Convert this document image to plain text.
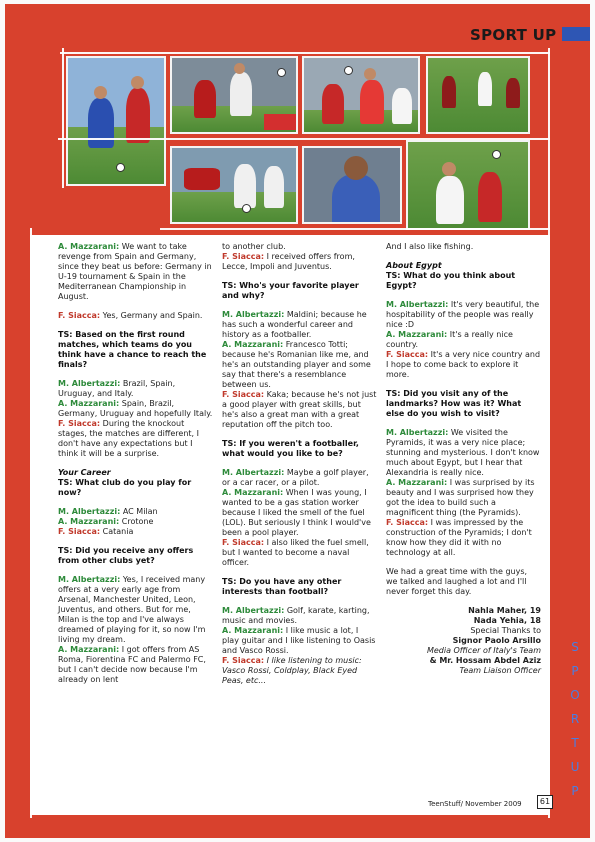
SPORT UP

A. Mazzarani: We want to take revenge from Spain and Germany, since they beat us before: Germany in U-19 tournament & Spain in the Mediterranean Championship in August.

F. Siacca: Yes, Germany and Spain.

TS: Based on the first round matches, which teams do you think have a chance to reach the finals?

M. Albertazzi: Brazil, Spain, Uruguay, and Italy.
A. Mazzarani: Spain, Brazil, Germany, Uruguay and hopefully Italy.
F. Siacca: During the knockout stages, the matches are different, I don't have any expectations but I think it will be a surprise.

Your Career
TS: What club do you play for now?

M. Albertazzi: AC Milan
A. Mazzarani: Crotone
F. Siacca: Catania

TS: Did you receive any offers from other clubs yet?

M. Albertazzi: Yes, I received many offers at a very early age from Arsenal, Manchester United, Leon, Juventus, and others. But for me, Milan is the top and I've always dreamed of playing for it, so now I'm living my dream.
A. Mazzarani: I got offers from AS Roma, Fiorentina FC and Palermo FC, but I can't decide now because I'm already on lent

to another club.
F. Siacca: I received offers from, Lecce, Impoli and Juventus.

TS: Who's your favorite player and why?

M. Albertazzi: Maldini; because he has such a wonderful career and history as a footballer.
A. Mazzarani: Francesco Totti; because he's Romanian like me, and he's an outstanding player and some say that there's a resemblance between us.
F. Siacca: Kaka; because he's not just a good player with great skills, but he's also a great man with a great reputation off the pitch too.

TS: If you weren't a footballer, what would you like to be?

M. Albertazzi: Maybe a golf player, or a car racer, or a pilot.
A. Mazzarani: When I was young, I wanted to be a gas station worker because I liked the smell of the fuel (LOL). But seriously I think I would've been a pool player.
F. Siacca: I also liked the fuel smell, but I wanted to become a naval officer.

TS: Do you have any other interests than football?

M. Albertazzi: Golf, karate, karting, music and movies.
A. Mazzarani: I like music a lot, I play guitar and I like listening to Oasis and Vasco Rossi.
F. Siacca: I like listening to music: Vasco Rossi, Coldplay, Black Eyed Peas, etc...

And I also like fishing.

About Egypt
TS: What do you think about Egypt?

M. Albertazzi: It's very beautiful, the hospitability of the people was really nice :D
A. Mazzarani: It's a really nice country.
F. Siacca: It's a very nice country and I hope to come back to explore it more.

TS: Did you visit any of the landmarks? How was it? What else do you wish to visit?

M. Albertazzi: We visited the Pyramids, it was a very nice place; stunning and mysterious. I don't know much about Egypt, but I hear that Alexandria is really nice.
A. Mazzarani: I was surprised by its beauty and I was surprised how they got the idea to build such a magnificent thing (the Pyramids).
F. Siacca: I was impressed by the construction of the Pyramids; I don't know how they did it with no technology at all.

We had a great time with the guys, we talked and laughed a lot and I'll never forget this day.

Nahla Maher, 19
Nada Yehia, 18
Special Thanks to
Signor Paolo Arsillo
Media Officer of Italy's Team
& Mr. Hossam Abdel Aziz
Team Liaison Officer
S
P
O
R
T
U
P
TeenStuff/ November 2009	61
